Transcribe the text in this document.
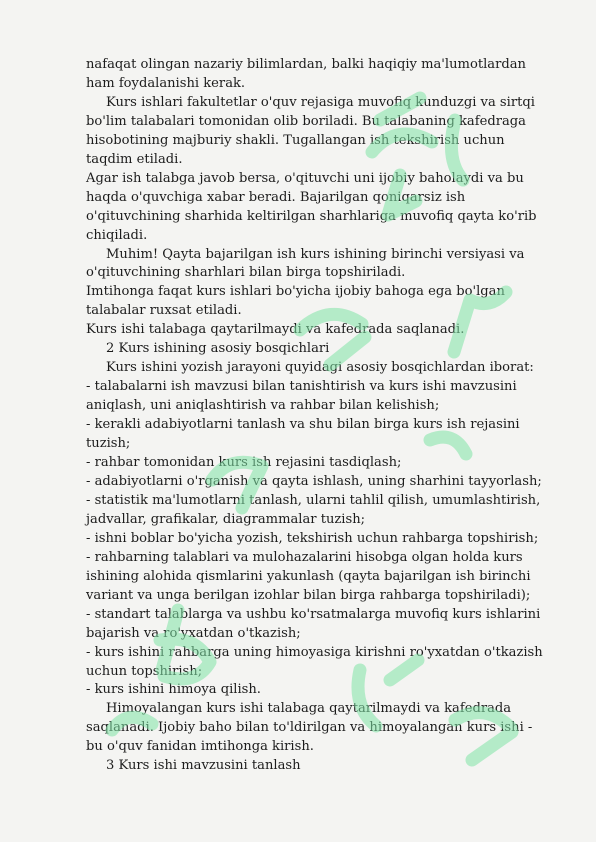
nafaqat olingan nazariy bilimlardan, balki haqiqiy ma'lumotlardan ham foydalanishi kerak.

Kurs ishlari fakultetlar o'quv rejasiga muvofiq kunduzgi va sirtqi bo'lim talabalari tomonidan olib boriladi. Bu talabaning kafedraga hisobotining majburiy shakli. Tugallangan ish tekshirish uchun taqdim etiladi.

Agar ish talabga javob bersa, o'qituvchi uni ijobiy baholaydi va bu haqda o'quvchiga xabar beradi. Bajarilgan qoniqarsiz ish o'qituvchining sharhida keltirilgan sharhlariga muvofiq qayta ko'rib chiqiladi.

Muhim! Qayta bajarilgan ish kurs ishining birinchi versiyasi va o'qituvchining sharhlari bilan birga topshiriladi.

Imtihonga faqat kurs ishlari bo'yicha ijobiy bahoga ega bo'lgan talabalar ruxsat etiladi.

Kurs ishi talabaga qaytarilmaydi va kafedrada saqlanadi.

2 Kurs ishining asosiy bosqichlari

Kurs ishini yozish jarayoni quyidagi asosiy bosqichlardan iborat:

- talabalarni ish mavzusi bilan tanishtirish va kurs ishi mavzusini aniqlash, uni aniqlashtirish va rahbar bilan kelishish;

- kerakli adabiyotlarni tanlash va shu bilan birga kurs ish rejasini tuzish;

- rahbar tomonidan kurs ish rejasini tasdiqlash;

- adabiyotlarni o'rganish va qayta ishlash, uning sharhini tayyorlash;

- statistik ma'lumotlarni tanlash, ularni tahlil qilish, umumlashtirish, jadvallar, grafikalar, diagrammalar tuzish;

- ishni boblar bo'yicha yozish, tekshirish uchun rahbarga topshirish;

- rahbarning talablari va mulohazalarini hisobga olgan holda kurs ishining alohida qismlarini yakunlash (qayta bajarilgan ish birinchi variant va unga berilgan izohlar bilan birga rahbarga topshiriladi);

- standart talablarga va ushbu ko'rsatmalarga muvofiq kurs ishlarini bajarish va ro'yxatdan o'tkazish;

- kurs ishini rahbarga uning himoyasiga kirishni ro'yxatdan o'tkazish uchun topshirish;

- kurs ishini himoya qilish.

Himoyalangan kurs ishi talabaga qaytarilmaydi va kafedrada saqlanadi. Ijobiy baho bilan to'ldirilgan va himoyalangan kurs ishi - bu o'quv fanidan imtihonga kirish.

3 Kurs ishi mavzusini tanlash
